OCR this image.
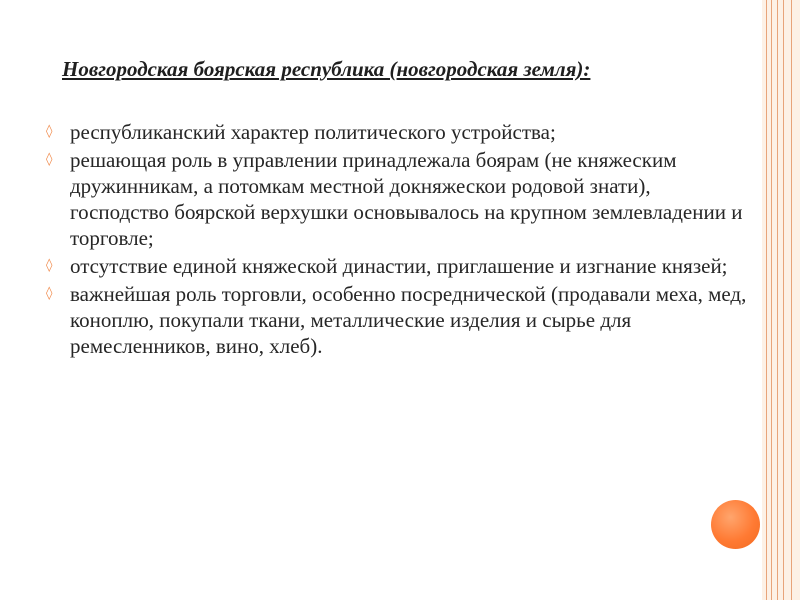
Новгородская боярская республика (новгородская земля):
◊ республиканский характер политического устройства;
◊ решающая роль в управлении принадлежала боярам (не княжеским дружинникам, а потомкам местной докняжескои родовой знати), господство боярской верхушки основывалось на крупном землевладении и торговле;
◊ отсутствие единой княжеской династии, приглашение и изгнание князей;
◊ важнейшая роль торговли, особенно посреднической (продавали меха, мед, коноплю, покупали ткани, металлические изделия и сырье для ремесленников, вино, хлеб).
